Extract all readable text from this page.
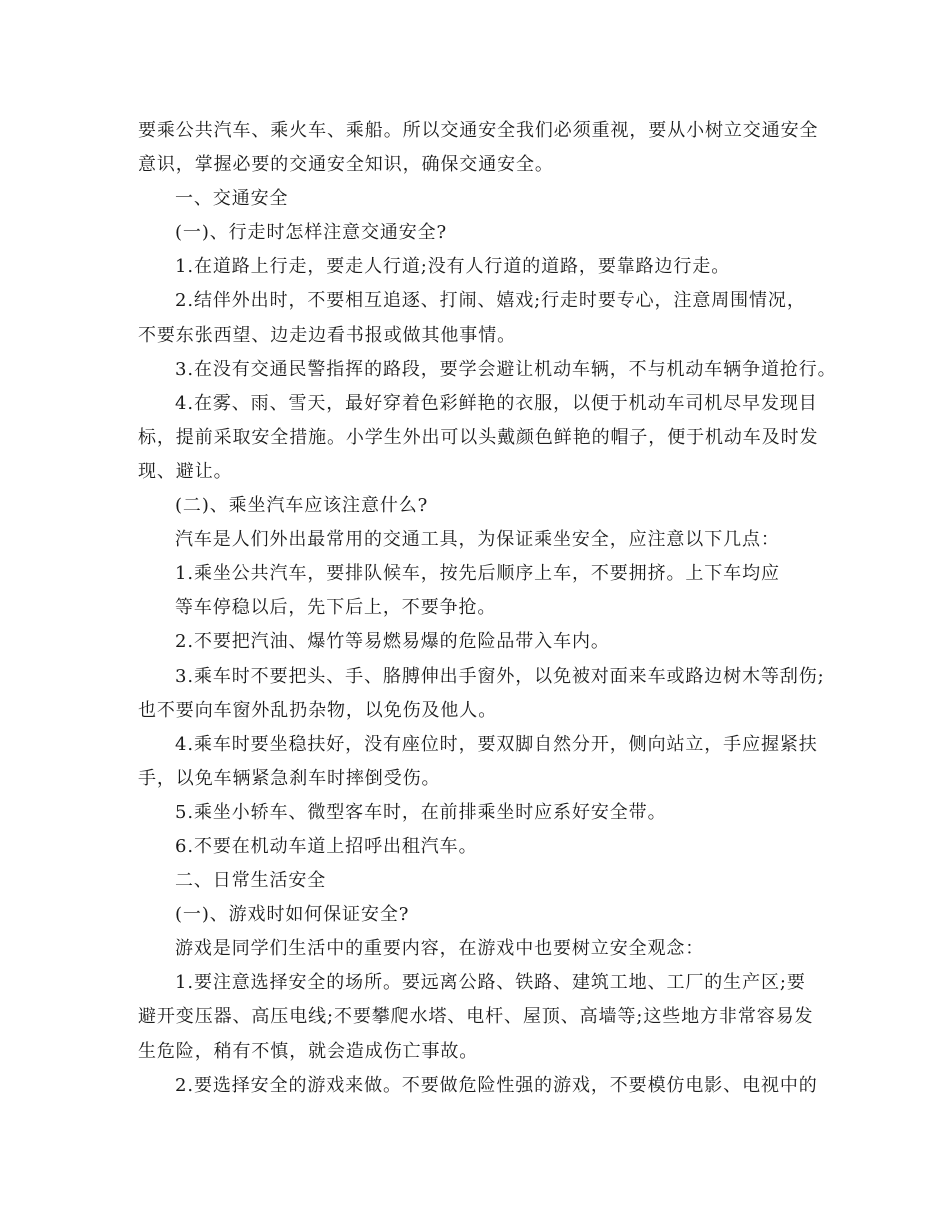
要乘公共汽车、乘火车、乘船。所以交通安全我们必须重视，要从小树立交通安全
意识，掌握必要的交通安全知识，确保交通安全。
一、交通安全
(一)、行走时怎样注意交通安全?
1.在道路上行走，要走人行道;没有人行道的道路，要靠路边行走。
2.结伴外出时，不要相互追逐、打闹、嬉戏;行走时要专心，注意周围情况，
不要东张西望、边走边看书报或做其他事情。
3.在没有交通民警指挥的路段，要学会避让机动车辆，不与机动车辆争道抢行。
4.在雾、雨、雪天，最好穿着色彩鲜艳的衣服，以便于机动车司机尽早发现目
标，提前采取安全措施。小学生外出可以头戴颜色鲜艳的帽子，便于机动车及时发
现、避让。
(二)、乘坐汽车应该注意什么?
汽车是人们外出最常用的交通工具，为保证乘坐安全，应注意以下几点：
1.乘坐公共汽车，要排队候车，按先后顺序上车，不要拥挤。上下车均应
等车停稳以后，先下后上，不要争抢。
2.不要把汽油、爆竹等易燃易爆的危险品带入车内。
3.乘车时不要把头、手、胳膊伸出手窗外，以免被对面来车或路边树木等刮伤;
也不要向车窗外乱扔杂物，以免伤及他人。
4.乘车时要坐稳扶好，没有座位时，要双脚自然分开，侧向站立，手应握紧扶
手，以免车辆紧急刹车时摔倒受伤。
5.乘坐小轿车、微型客车时，在前排乘坐时应系好安全带。
6.不要在机动车道上招呼出租汽车。
二、日常生活安全
(一)、游戏时如何保证安全?
游戏是同学们生活中的重要内容，在游戏中也要树立安全观念：
1.要注意选择安全的场所。要远离公路、铁路、建筑工地、工厂的生产区;要
避开变压器、高压电线;不要攀爬水塔、电杆、屋顶、高墙等;这些地方非常容易发
生危险，稍有不慎，就会造成伤亡事故。
2.要选择安全的游戏来做。不要做危险性强的游戏，不要模仿电影、电视中的
